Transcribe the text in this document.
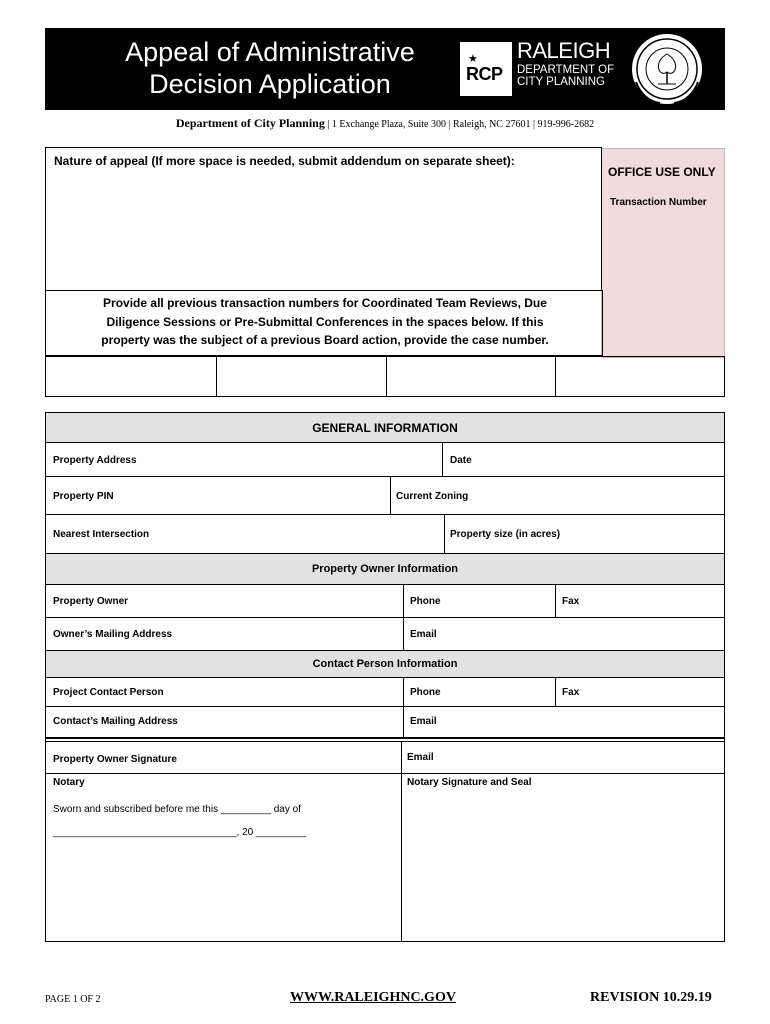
Appeal of Administrative
Decision Application
★
RCP
RALEIGH
DEPARTMENT OF
CITY PLANNING
Department of City Planning | 1 Exchange Plaza, Suite 300 | Raleigh, NC 27601 | 919-996-2682
OFFICE USE ONLY
Transaction Number
Nature of appeal (If more space is needed, submit addendum on separate sheet):
Provide all previous transaction numbers for Coordinated Team Reviews, Due
Diligence Sessions or Pre-Submittal Conferences in the spaces below. If this
property was the subject of a previous Board action, provide the case number.
GENERAL INFORMATION
Property Address	Date
Property PIN	Current Zoning
Nearest Intersection	Property size (in acres)
Property Owner Information
Property Owner	Phone	Fax
Owner’s Mailing Address	Email
Contact Person Information
Project Contact Person	Phone	Fax
Contact’s Mailing Address	Email
Property Owner Signature	Email
Notary	Notary Signature and Seal
Sworn and subscribed before me this _________ day of
_________________________________, 20 _________
PAGE 1 OF 2	WWW.RALEIGHNC.GOV	REVISION 10.29.19
